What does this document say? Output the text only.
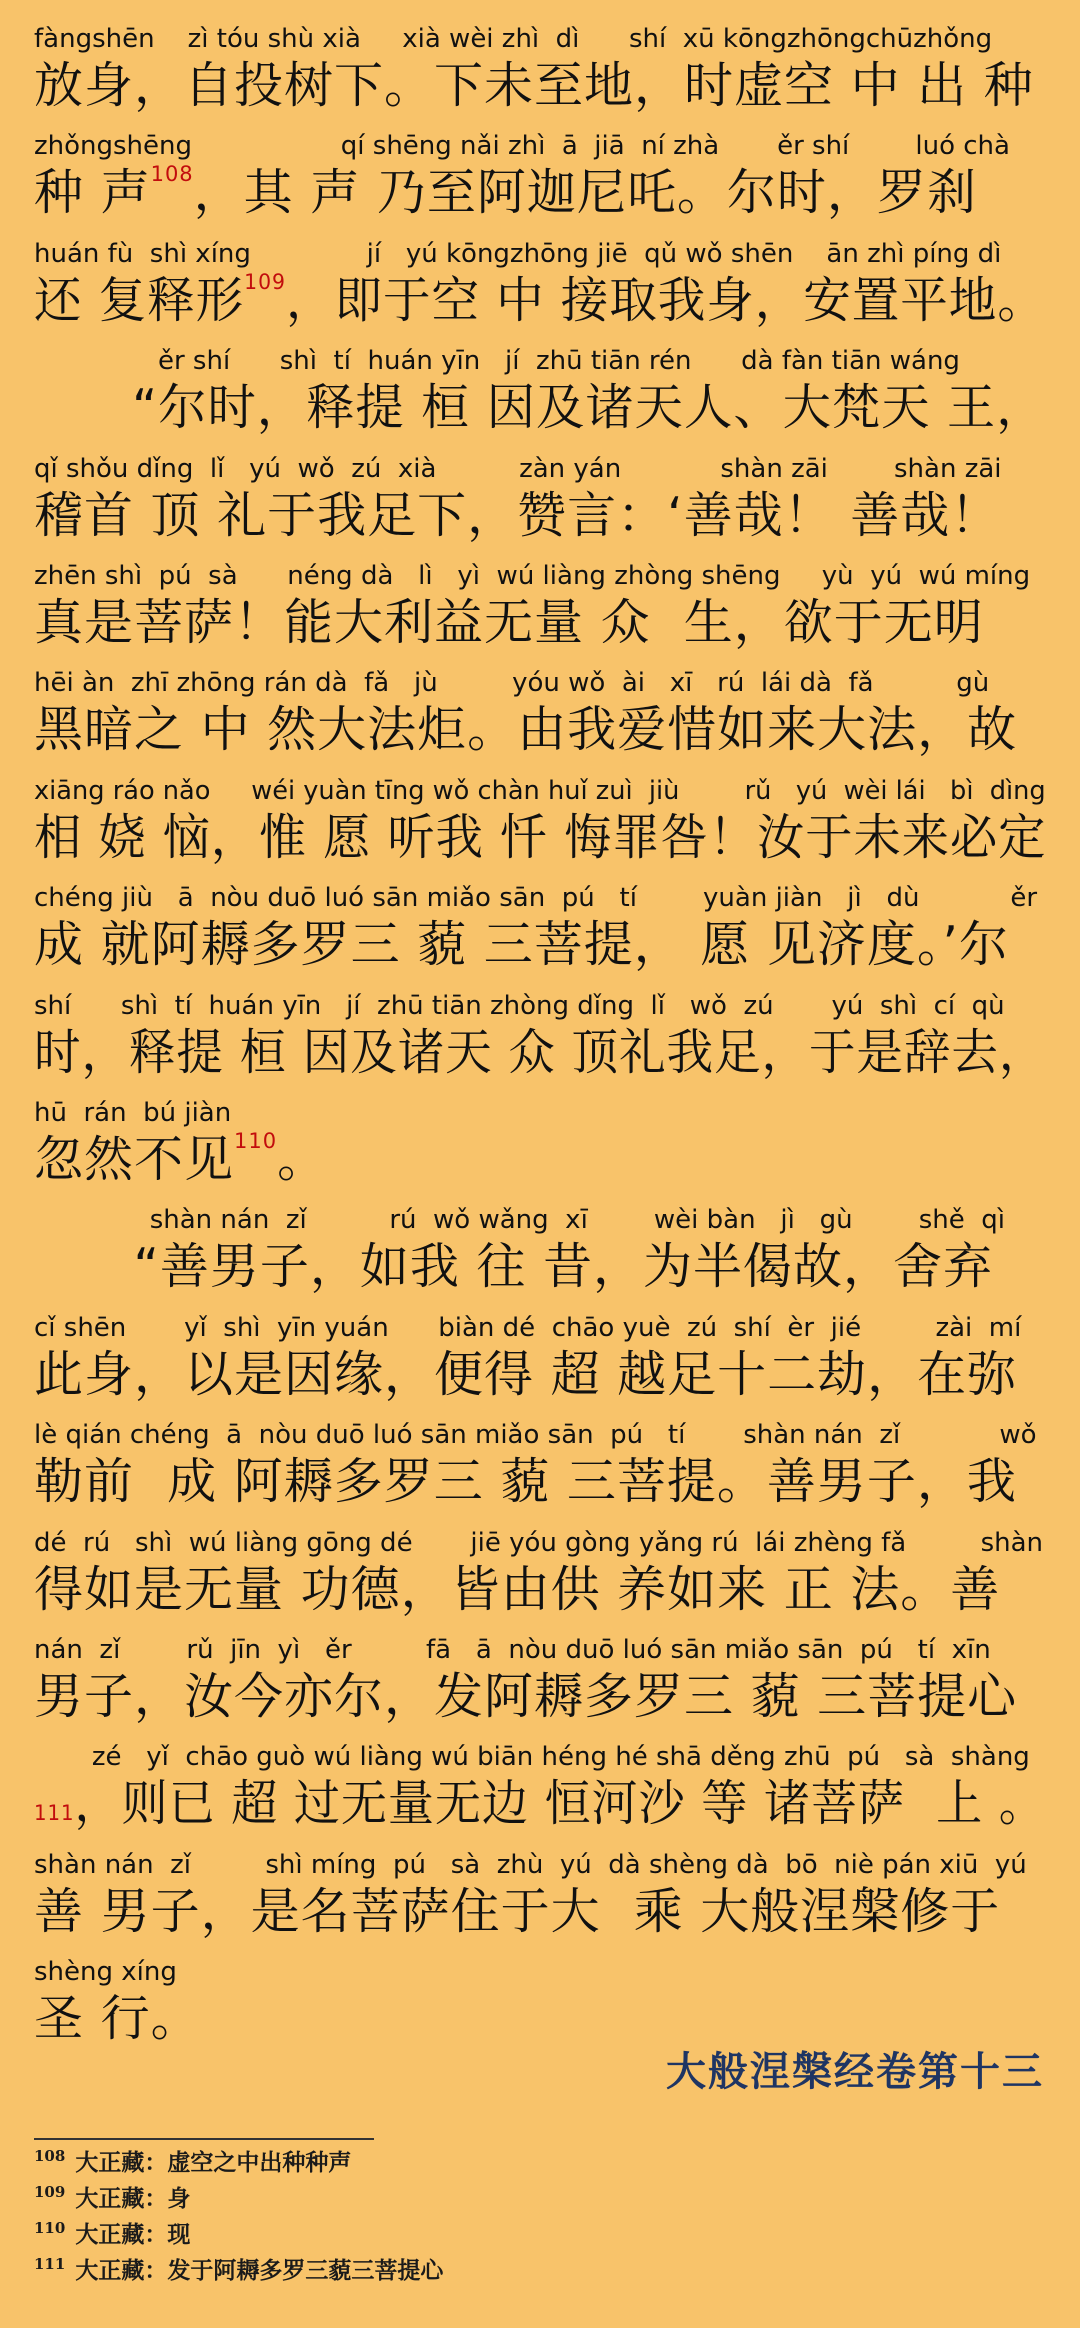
fàngshēn    zì tóu shù xià     xià wèi zhì  dì      shí  xū kōngzhōngchūzhǒng
放身，自投树下。下未至地，时虚空 中 出 种
zhǒngshēng                  qí shēng nǎi zhì  ā  jiā  ní zhà       ěr shí        luó chà
种 声108，其 声 乃至阿迦尼吒。尔时，罗刹
huán fù  shì xíng              jí   yú kōngzhōng jiē  qǔ wǒ shēn    ān zhì píng dì
还 复释形109，即于空 中 接取我身，安置平地。
ěr shí      shì  tí  huán yīn   jí  zhū tiān rén      dà fàn tiān wáng
“尔时，释提 桓 因及诸天人、大梵天 王，
qǐ shǒu dǐng  lǐ   yú  wǒ  zú  xià          zàn yán            shàn zāi        shàn zāi
稽首 顶 礼于我足下，赞言：‘善哉！ 善哉！
zhēn shì  pú  sà      néng dà   lì   yì  wú liàng zhòng shēng     yù  yú  wú míng
真是菩萨！能大利益无量 众  生，欲于无明
hēi àn  zhī zhōng rán dà  fǎ   jù         yóu wǒ  ài   xī   rú  lái dà  fǎ          gù
黑暗之 中 然大法炬。由我爱惜如来大法，故
xiāng ráo nǎo     wéi yuàn tīng wǒ chàn huǐ zuì  jiù        rǔ   yú  wèi lái   bì  dìng
相 娆 恼，惟 愿 听我 忏 悔罪咎！汝于未来必定
chéng jiù   ā  nòu duō luó sān miǎo sān  pú   tí        yuàn jiàn   jì   dù           ěr
成 就阿耨多罗三 藐 三菩提， 愿 见济度。’尔
shí      shì  tí  huán yīn   jí  zhū tiān zhòng dǐng  lǐ   wǒ  zú       yú  shì  cí  qù
时，释提 桓 因及诸天 众 顶礼我足，于是辞去，
hū  rán  bú jiàn
忽然不见110。
shàn nán  zǐ          rú  wǒ wǎng  xī        wèi bàn   jì   gù        shě  qì
“善男子，如我 往 昔，为半偈故，舍弃
cǐ shēn       yǐ  shì  yīn yuán      biàn dé  chāo yuè  zú  shí  èr  jié         zài  mí
此身，以是因缘，便得 超 越足十二劫，在弥
lè qián chéng  ā  nòu duō luó sān miǎo sān  pú   tí       shàn nán  zǐ            wǒ
勒前  成 阿耨多罗三 藐 三菩提。善男子，我
dé  rú   shì  wú liàng gōng dé       jiē yóu gòng yǎng rú  lái zhèng fǎ         shàn
得如是无量 功德，皆由供 养如来 正 法。善
nán  zǐ        rǔ  jīn  yì   ěr         fā   ā  nòu duō luó sān miǎo sān  pú   tí  xīn
男子，汝今亦尔，发阿耨多罗三 藐 三菩提心
zé   yǐ  chāo guò wú liàng wú biān héng hé shā děng zhū  pú   sà  shàng
111，则已 超 过无量无边 恒河沙 等 诸菩萨  上 。
shàn nán  zǐ         shì míng  pú   sà  zhù  yú  dà shèng dà  bō  niè pán xiū  yú
善 男子，是名菩萨住于大  乘 大般涅槃修于
shèng xíng
圣 行。
大般涅槃经卷第十三
108 大正藏：虚空之中出种种声
109 大正藏：身
110 大正藏：现
111 大正藏：发于阿耨多罗三藐三菩提心
